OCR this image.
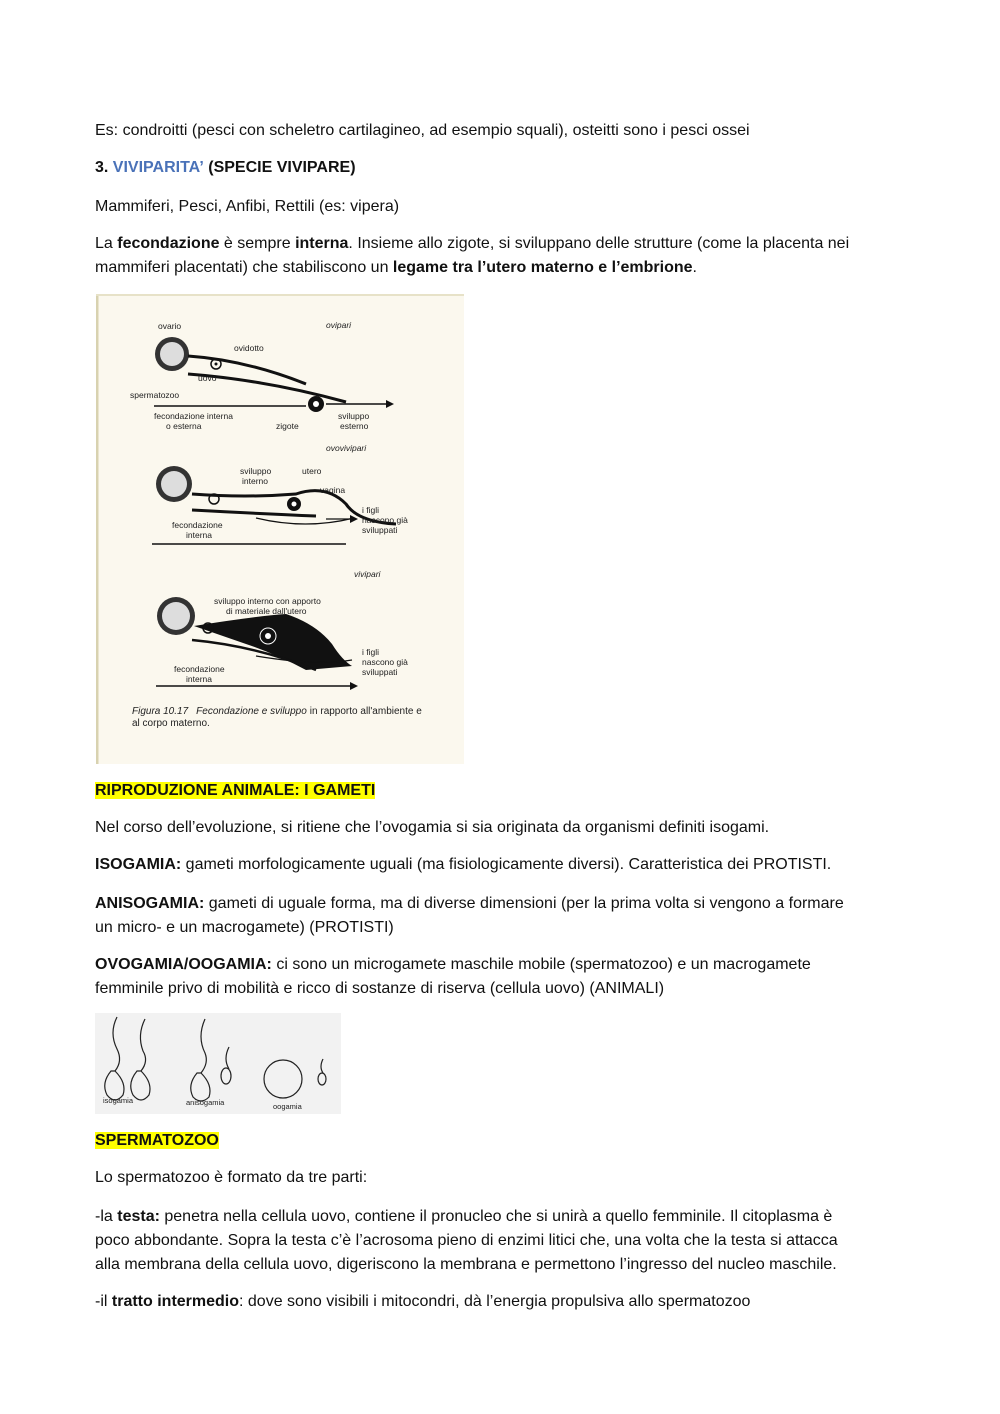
Es: condroitti (pesci con scheletro cartilagineo, ad esempio squali), osteitti sono i pesci ossei
3. VIVIPARITA’ (SPECIE VIVIPARE)
Mammiferi, Pesci, Anfibi, Rettili (es: vipera)
La fecondazione è sempre interna. Insieme allo zigote, si sviluppano delle strutture (come la placenta nei
mammiferi placentati) che stabiliscono un legame tra l’utero materno e l’embrione.
ovipari
ovario
ovidotto
uovo
spermatozoo
fecondazione interna
o esterna	zigote
sviluppo
esterno
ovovivipari
sviluppo
interno
utero
vagina
fecondazione
interna
i figli
nascono già
sviluppati
vivipari
sviluppo interno con apporto
di materiale dall'utero
fecondazione
interna
i figli
nascono già
sviluppati
Figura 10.17 Fecondazione e sviluppo in rapporto all'ambiente e
al corpo materno.
RIPRODUZIONE ANIMALE: I GAMETI
Nel corso dell’evoluzione, si ritiene che l’ovogamia si sia originata da organismi definiti isogami.
ISOGAMIA: gameti morfologicamente uguali (ma fisiologicamente diversi). Caratteristica dei PROTISTI.
ANISOGAMIA: gameti di uguale forma, ma di diverse dimensioni (per la prima volta si vengono a formare
un micro- e un macrogamete) (PROTISTI)
OVOGAMIA/OOGAMIA: ci sono un microgamete maschile mobile (spermatozoo) e un macrogamete
femminile privo di mobilità e ricco di sostanze di riserva (cellula uovo) (ANIMALI)
isogamia	anisogamia	oogamia
SPERMATOZOO
Lo spermatozoo è formato da tre parti:
-la testa: penetra nella cellula uovo, contiene il pronucleo che si unirà a quello femminile. Il citoplasma è
poco abbondante. Sopra la testa c’è l’acrosoma pieno di enzimi litici che, una volta che la testa si attacca
alla membrana della cellula uovo, digeriscono la membrana e permettono l’ingresso del nucleo maschile.
-il tratto intermedio: dove sono visibili i mitocondri, dà l’energia propulsiva allo spermatozoo
